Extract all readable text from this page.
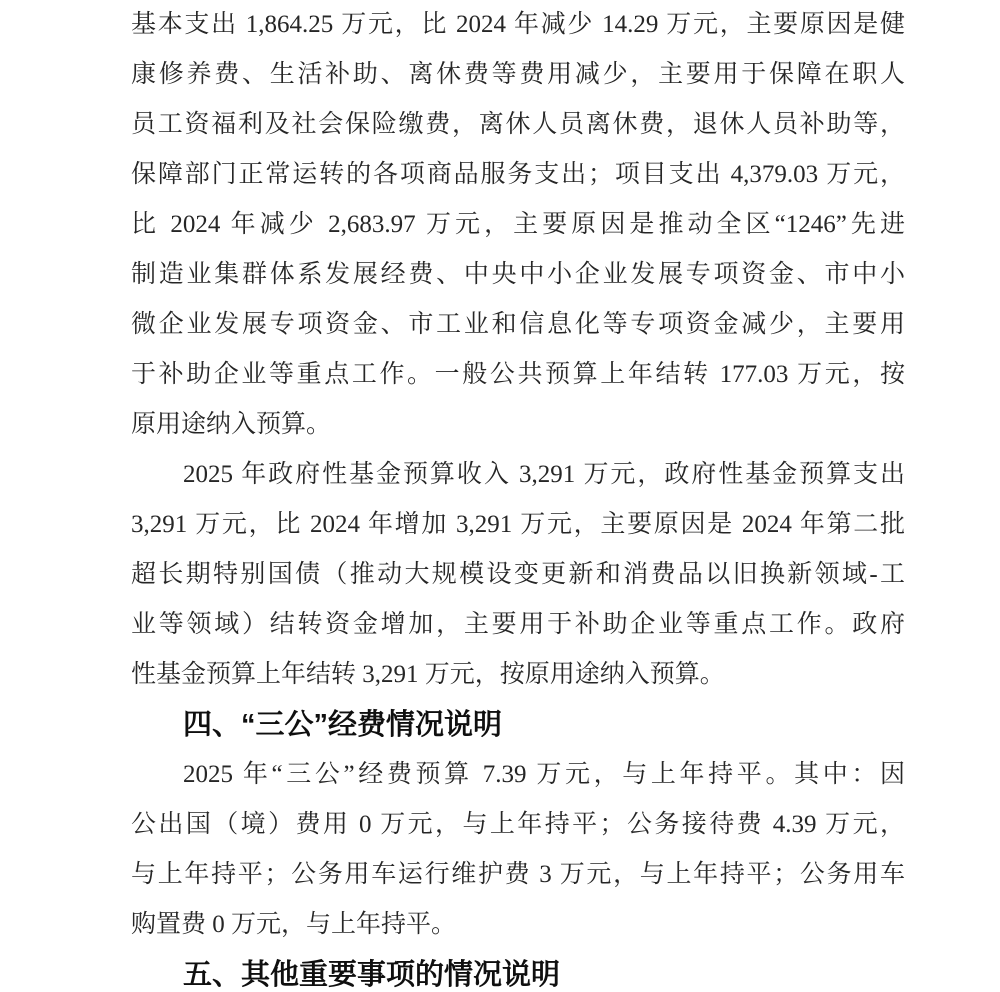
基本支出 1,864.25 万元，比 2024 年减少 14.29 万元，主要原因是健
康修养费、生活补助、离休费等费用减少，主要用于保障在职人
员工资福利及社会保险缴费，离休人员离休费，退休人员补助等，
保障部门正常运转的各项商品服务支出；项目支出 4,379.03 万元，
比 2024 年减少 2,683.97 万元，主要原因是推动全区“1246”先进
制造业集群体系发展经费、中央中小企业发展专项资金、市中小
微企业发展专项资金、市工业和信息化等专项资金减少，主要用
于补助企业等重点工作。一般公共预算上年结转 177.03 万元，按
原用途纳入预算。
2025 年政府性基金预算收入 3,291 万元，政府性基金预算支出
3,291 万元，比 2024 年增加 3,291 万元，主要原因是 2024 年第二批
超长期特别国债（推动大规模设变更新和消费品以旧换新领域-工
业等领域）结转资金增加，主要用于补助企业等重点工作。政府
性基金预算上年结转 3,291 万元，按原用途纳入预算。
四、“三公”经费情况说明
2025 年“三公”经费预算 7.39 万元，与上年持平。其中：因
公出国（境）费用 0 万元，与上年持平；公务接待费 4.39 万元，
与上年持平；公务用车运行维护费 3 万元，与上年持平；公务用车
购置费 0 万元，与上年持平。
五、其他重要事项的情况说明
